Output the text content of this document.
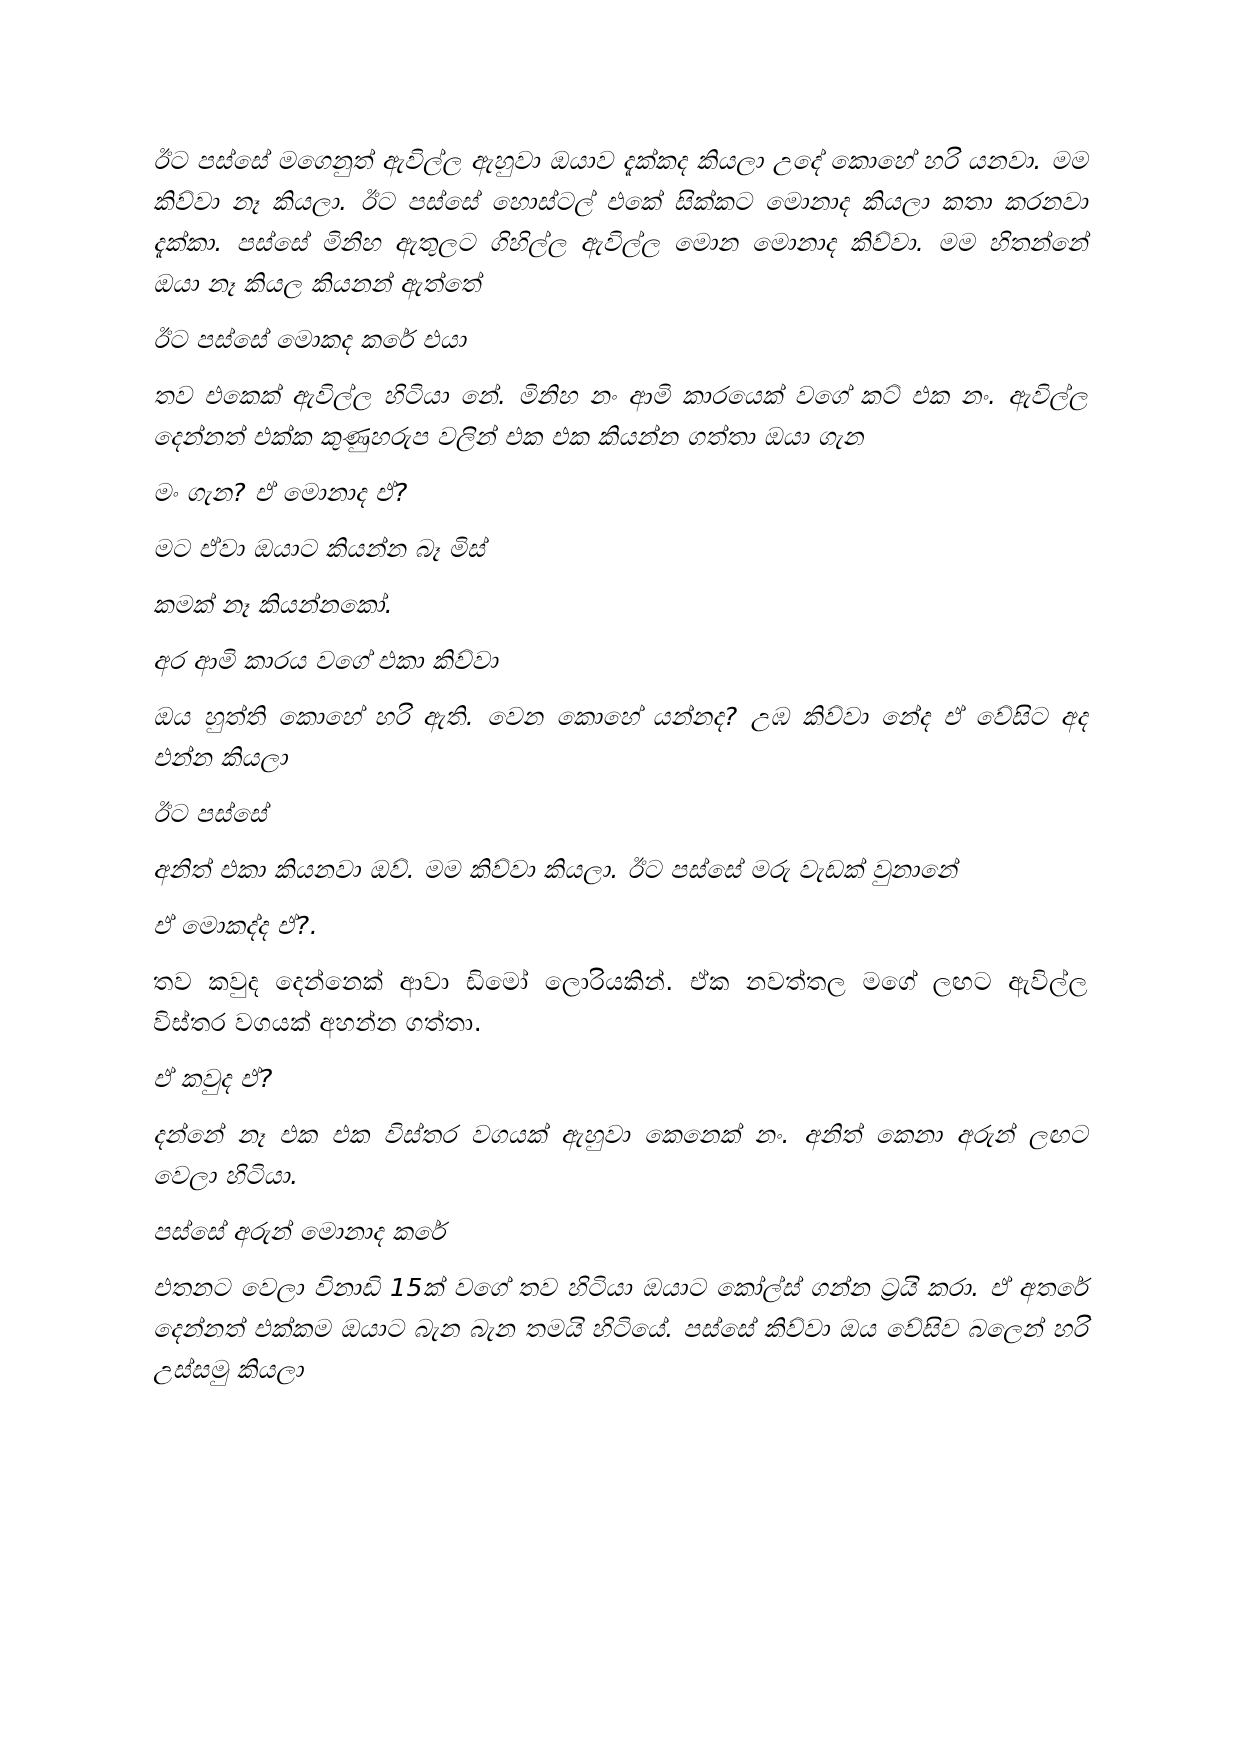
ඊට පස්සේ මගෙනුත් ඇවිල්ල ඇහුවා ඔයාව දැක්කද කියලා උදේ කොහේ හරි යනවා. මම කිව්වා නෑ කියලා. ඊට පස්සේ හොස්ටල් එකේ සික්කට මොනාද කියලා කතා කරනවා දැක්කා. පස්සේ මිනිහ ඇතුලට ගිහිල්ල ඇවිල්ල මොන මොනාද කිව්වා. මම හිතන්නේ ඔයා නෑ කියල කියනන් ඇත්තේ

ඊට පස්සේ මොකද කරේ එයා

තව එකෙක් ඇවිල්ල හිටියා නේ. මිනිහ නං ආමි කාරයෙක් වගේ කට් එක නං. ඇවිල්ල දෙන්නත් එක්ක කුණුහරුප වලින් එක එක කියන්න ගත්තා ඔයා ගැන

මං ගැන? ඒ මොනාද ඒ?

මට ඒවා ඔයාට කියන්න බෑ මිස්

කමක් නෑ කියන්නකෝ.

අර ආමි කාරය වගේ එකා කිව්වා

ඔය හුත්ති කොහේ හරි ඇති. වෙන කොහේ යන්නද? උඹ කිව්වා නේද ඒ වේසිට අද එන්න කියලා

ඊට පස්සේ

අනිත් එකා කියනවා ඔව්. මම කිව්වා කියලා. ඊට පස්සේ මරු වැඩක් වුනානේ

ඒ මොකද්ද ඒ?.

තව කවුද දෙන්නෙක් ආවා ඩිමෝ ලොරියකින්. ඒක නවත්තල මගේ ලඟට ඇවිල්ල විස්තර වගයක් අහන්න ගත්තා.

ඒ කවුද ඒ?

දන්නේ නෑ එක එක විස්තර වගයක් ඇහුවා කෙනෙක් නං. අනිත් කෙනා අරුන් ලඟට වෙලා හිටියා.

පස්සේ අරුන් මොනාද කරේ

එතනට වෙලා විනාඩි 15ක් වගේ තව හිටියා ඔයාට කෝල්ස් ගන්න ට්‍රයි කරා. ඒ අතරේ දෙන්නත් එක්කම ඔයාට බැන බැන තමයි හිටියේ. පස්සේ කිව්වා ඔය වේසිව බලෙන් හරි උස්සමු කියලා
